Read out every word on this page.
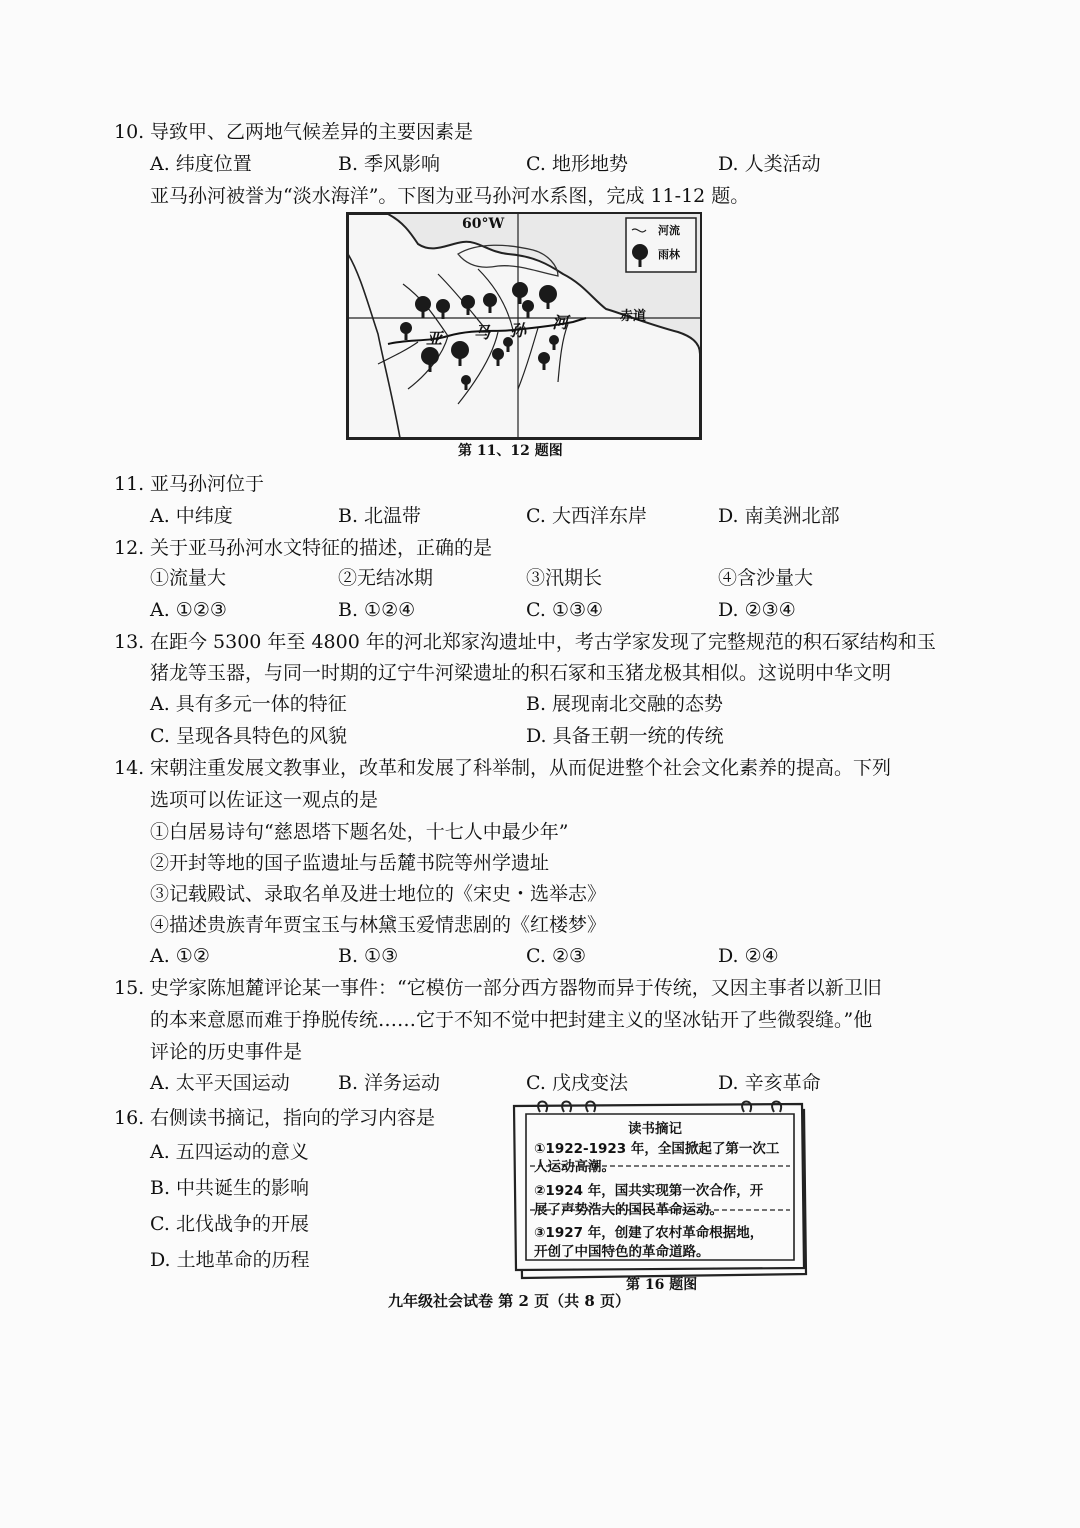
10. 导致甲、乙两地气候差异的主要因素是
A. 纬度位置	B. 季风影响	C. 地形地势	D. 人类活动
亚马孙河被誉为“淡水海洋”。下图为亚马孙河水系图，完成 11-12 题。
60°W
赤道
河流
雨林
亚 马 孙 河
第 11、12 题图
11. 亚马孙河位于
A. 中纬度	B. 北温带	C. 大西洋东岸	D. 南美洲北部
12. 关于亚马孙河水文特征的描述，正确的是
①流量大	②无结冰期	③汛期长	④含沙量大
A. ①②③	B. ①②④	C. ①③④	D. ②③④
13. 在距今 5300 年至 4800 年的河北郑家沟遗址中，考古学家发现了完整规范的积石冢结构和玉
猪龙等玉器，与同一时期的辽宁牛河梁遗址的积石冢和玉猪龙极其相似。这说明中华文明
A. 具有多元一体的特征	B. 展现南北交融的态势
C. 呈现各具特色的风貌	D. 具备王朝一统的传统
14. 宋朝注重发展文教事业，改革和发展了科举制，从而促进整个社会文化素养的提高。下列
选项可以佐证这一观点的是
①白居易诗句“慈恩塔下题名处，十七人中最少年”
②开封等地的国子监遗址与岳麓书院等州学遗址
③记载殿试、录取名单及进士地位的《宋史・选举志》
④描述贵族青年贾宝玉与林黛玉爱情悲剧的《红楼梦》
A. ①②	B. ①③	C. ②③	D. ②④
15. 史学家陈旭麓评论某一事件：“它模仿一部分西方器物而异于传统，又因主事者以新卫旧
的本来意愿而难于挣脱传统……它于不知不觉中把封建主义的坚冰钻开了些微裂缝。”他
评论的历史事件是
A. 太平天国运动	B. 洋务运动	C. 戊戌变法	D. 辛亥革命
16. 右侧读书摘记，指向的学习内容是
A. 五四运动的意义
B. 中共诞生的影响
C. 北伐战争的开展
D. 土地革命的历程
读书摘记
①1922-1923 年，全国掀起了第一次工
人运动高潮。
②1924 年，国共实现第一次合作，开
展了声势浩大的国民革命运动。
③1927 年，创建了农村革命根据地，
开创了中国特色的革命道路。
第 16 题图
九年级社会试卷 第 2 页（共 8 页）
